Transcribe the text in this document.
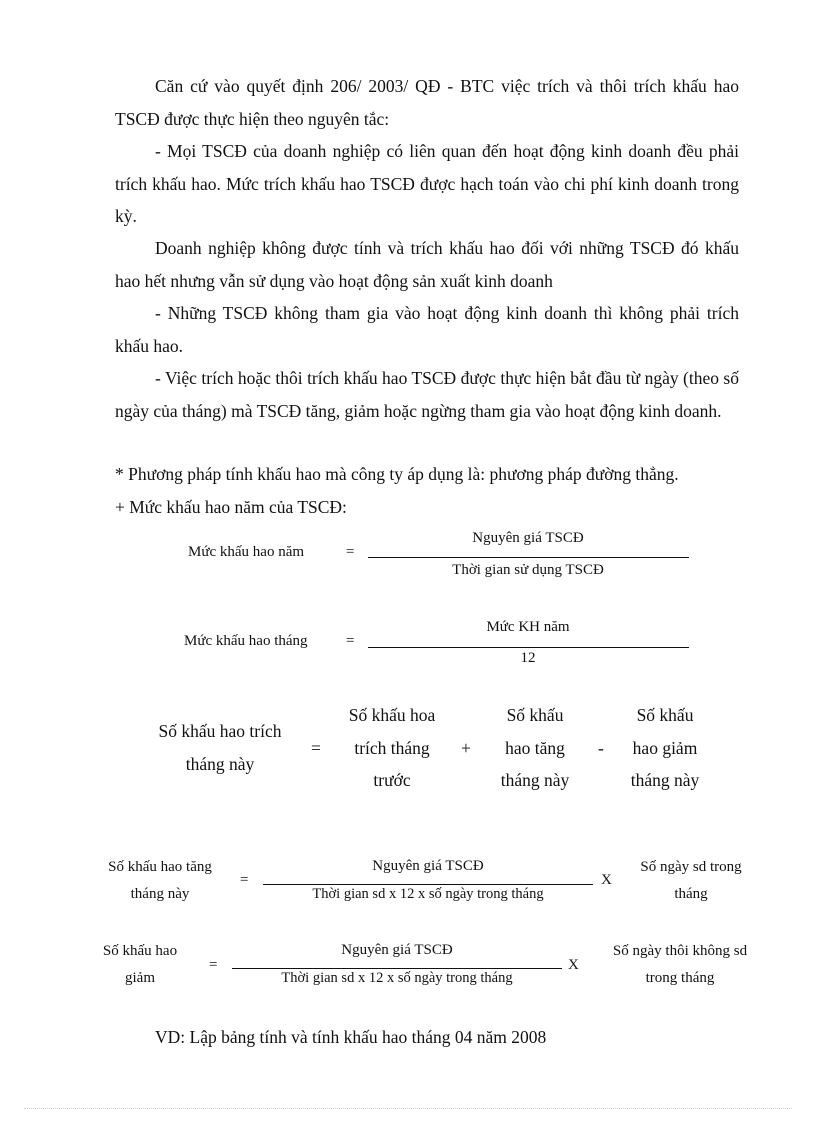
Căn cứ vào quyết định 206/ 2003/ QĐ - BTC việc trích và thôi trích khấu hao TSCĐ được thực hiện theo nguyên tắc:

- Mọi TSCĐ của doanh nghiệp có liên quan đến hoạt động kinh doanh đều phải trích khấu hao. Mức trích khấu hao TSCĐ được hạch toán vào chi phí kinh doanh trong kỳ.

Doanh nghiệp không được tính và trích khấu hao đối với những TSCĐ đó khấu hao hết nhưng vẫn sử dụng vào hoạt động sản xuất kinh doanh

- Những TSCĐ không tham gia vào hoạt động kinh doanh thì không phải trích khấu hao.

- Việc trích hoặc thôi trích khấu hao TSCĐ được thực hiện bắt đầu từ ngày (theo số ngày của tháng) mà TSCĐ tăng, giảm hoặc ngừng tham gia vào hoạt động kinh doanh.

* Phương pháp tính khấu hao mà công ty áp dụng là: phương pháp đường thẳng.
+ Mức khấu hao năm của TSCĐ:
Mức khấu hao năm	=
Nguyên giá TSCĐ
Thời gian sử dụng TSCĐ
Mức khấu hao tháng	=
Mức KH năm
12
Số khấu hao trích
tháng này
=
Số khấu hoa
trích tháng
trước
+
Số khấu
hao tăng
tháng này
-
Số khấu
hao giảm
tháng này
Số khấu hao tăng
tháng này
=
Nguyên giá TSCĐ
Thời gian sd x 12 x số ngày trong tháng
X
Số ngày sd trong
tháng
Số khấu hao
giảm
=
Nguyên giá TSCĐ
Thời gian sd x 12 x số ngày trong tháng
X
Số ngày thôi không sd
trong tháng
VD: Lập bảng tính và tính khấu hao tháng 04 năm 2008
